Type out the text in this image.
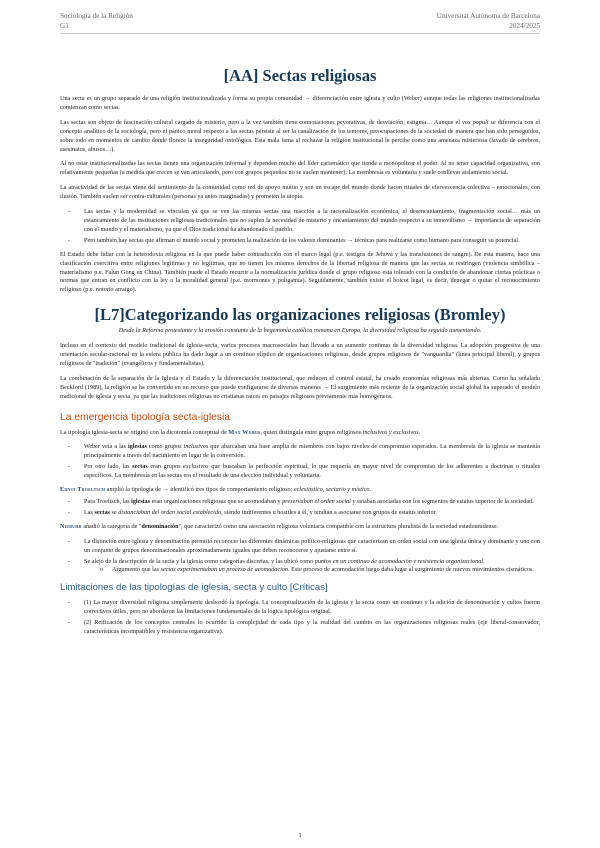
Sociología de la Religión
G1
Universitat Autònoma de Barcelona
2024/2025
[AA] Sectas religiosas

Una secta es un grupo separado de una religión institucionalizada y forma su propia comunidad → diferenciación entre iglesia y culto (Weber) aunque todas las religiones institucionalizadas comienzan como sectas.

Las sectas son objeto de fascinación cultural cargado de misterio, pero a la vez también tiene connotaciones peyorativas, de desviación, estigma… Aunque el vox populi se diferencia con el concepto analítico de la sociología, pero el pánico moral respecto a las sectas persiste al ser la canalización de los temores, preocupaciones de la sociedad de manera que han sido perseguidos, sobre todo en momentos de cambio donde florece la inseguridad ontológica. Esta mala fama al rechazar la religión institucional le percibe como una amenaza misteriosa (lavado de cerebros, asesinatos, abusos…).

Al no estar institucionalizadas las sectas tienen una organización informal y dependen mucho del líder carismático que tiende a monopolizar el poder. Al no tener capacidad organizativa, son relativamente pequeñas (a medida que crecen se van articulando, pero con grupos pequeños no se suelen mantener). La membresía es voluntaria y suele conllevar aislamiento social.

La atractividad de las sectas viene del sentimiento de la comunidad como red de apoyo mutuo y son un escape del mundo donde hacen rituales de efervescencia colectiva – emocionales, con ilusión. También suelen ser contra-culturales (personas ya antes marginadas) y prometen la utopía.

- Las sectas y la modernidad se vinculan ya que se ven las mismas sectas una reacción a la racionalización económica, el desencantamiento, fragmentación social… más un estancamiento de las instituciones religiosas tradicionales que no suplen la necesidad de misterio y encantamiento del mundo respecto a su inmovilismo → importancia de separación con el mundo y el materialismo, ya que el Dios tradicional ha abandonado el pueblo.
- Pero también hay sectas que afirman el mundo social y prometen la realización de los valores dominantes → técnicas para realizarse como humano para conseguir su potencial.

El Estado debe lidiar con la heterodoxia religiosa en la que puede haber contradicción con el marco legal (p.e. testigos de Jehová y las transfusiones de sangre). De esta manera, hace una clasificación coercitiva entre religiones legítimas y no legítimas, que no tienen los mismos derechos de la libertad religiosa de manera que las sectas se restringen (violencia simbólica – materialismo p.e. Falun Gong en China). También puede el Estado recurrir a la normalización jurídica donde el grupo religioso está tolerado con la condición de abandonar ciertas prácticas o normas que entran en conflicto con la ley o la moralidad general (p.e. mormones y poligamia). Seguidamente, también existe el boicot legal, es decir, denegar o quitar el reconocimiento religioso (p.e. notorio arraigo).

[L7]Categorizando las organizaciones religiosas (Bromley)
Desde la Reforma protestante y la erosión constante de la hegemonía católica romana en Europa, la diversidad religiosa ha seguido aumentando.

Incluso en el contexto del modelo tradicional de iglesia-secta, varios procesos macrosociales han llevado a un aumento continuo de la diversidad religiosa. La adopción progresiva de una orientación secular-racional en la esfera pública ha dado lugar a un continuo elíptico de organizaciones religiosas, desde grupos religiosos de "vanguardia" (línea principal liberal), y grupos religiosos de "tradición" (evangélicos y fundamentalistas).

La combinación de la separación de la Iglesia y el Estado y la diferenciación institucional, que reducen el control estatal, ha creado economías religiosas más abiertas. Como ha señalado Beckford (1989), la religión se ha convertido en un recurso que puede configurarse de diversas maneras → El surgimiento más reciente de la organización social global ha superado el modelo tradicional de iglesia y secta, ya que las tradiciones religiosas no cristianas raíces en paisajes religiosos previamente más homogéneos.

La emergencia tipología secta-iglesia

La tipología iglesia-secta se originó con la dicotomía conceptual de Max Weber, quien distinguía entre grupos religiosos inclusivos y exclusivos.

- Weber veía a las iglesias como grupos inclusivos que abarcaban una base amplia de miembros con bajos niveles de compromiso esperados. La membresía de la iglesia se mantenía principalmente a través del nacimiento en lugar de la conversión.
- Por otro lado, las sectas eran grupos exclusivos que buscaban la perfección espiritual, lo que requería un mayor nivel de compromiso de los adherentes a doctrinas o rituales específicos. La membresía en las sectas era el resultado de una elección individual y voluntaria.

Ernst Troeltsch amplió la tipología de → identificó tres tipos de comportamiento religioso: eclesiástico, sectario y místico.

- Para Troeltsch, las iglesias eran organizaciones religiosas que se acomodaban y preservaban el orden social y estaban asociadas con los segmentos de estatus superior de la sociedad.
- Las sectas se distanciaban del orden social establecido, siendo indiferentes u hostiles a él, y tendían a asociarse con grupos de estatus inferior.

Niebuhr añadió la categoría de "denominación", que caracterizó como una asociación religiosa voluntaria compatible con la estructura pluralista de la sociedad estadounidense.

- La distinción entre iglesia y denominación permitió reconocer las diferentes dinámicas político-religiosas que caracterizan un orden social con una iglesia única y dominante y uno con un conjunto de grupos denominacionales aproximadamente iguales que deben reconocerse y ajustarse entre sí.
- Se alejó de la descripción de la secta y la iglesia como categorías discretas, y las ubicó como puntos en un continuo de acomodación y resistencia organizacional.
o Argumentó que las sectas experimentaban un proceso de acomodación. Este proceso de acomodación luego daba lugar al surgimiento de nuevos movimientos cismáticos.
Limitaciones de las tipologías de iglesia, secta y culto [Críticas]
- (1) La mayor diversidad religiosa simplemente desbordó la tipología. La conceptualización de la iglesia y la secta como un continuo y la adición de denominación y cultos fueron correctivos útiles, pero no abordaron las limitaciones fundamentales de la lógica tipológica original.
- (2) Reificación de los conceptos centrales lo ocurrido la complejidad de cada tipo y la realidad del cambio en las organizaciones religiosas reales (eje liberal-conservador, características incompatibles y resistencia organizativa).
1
